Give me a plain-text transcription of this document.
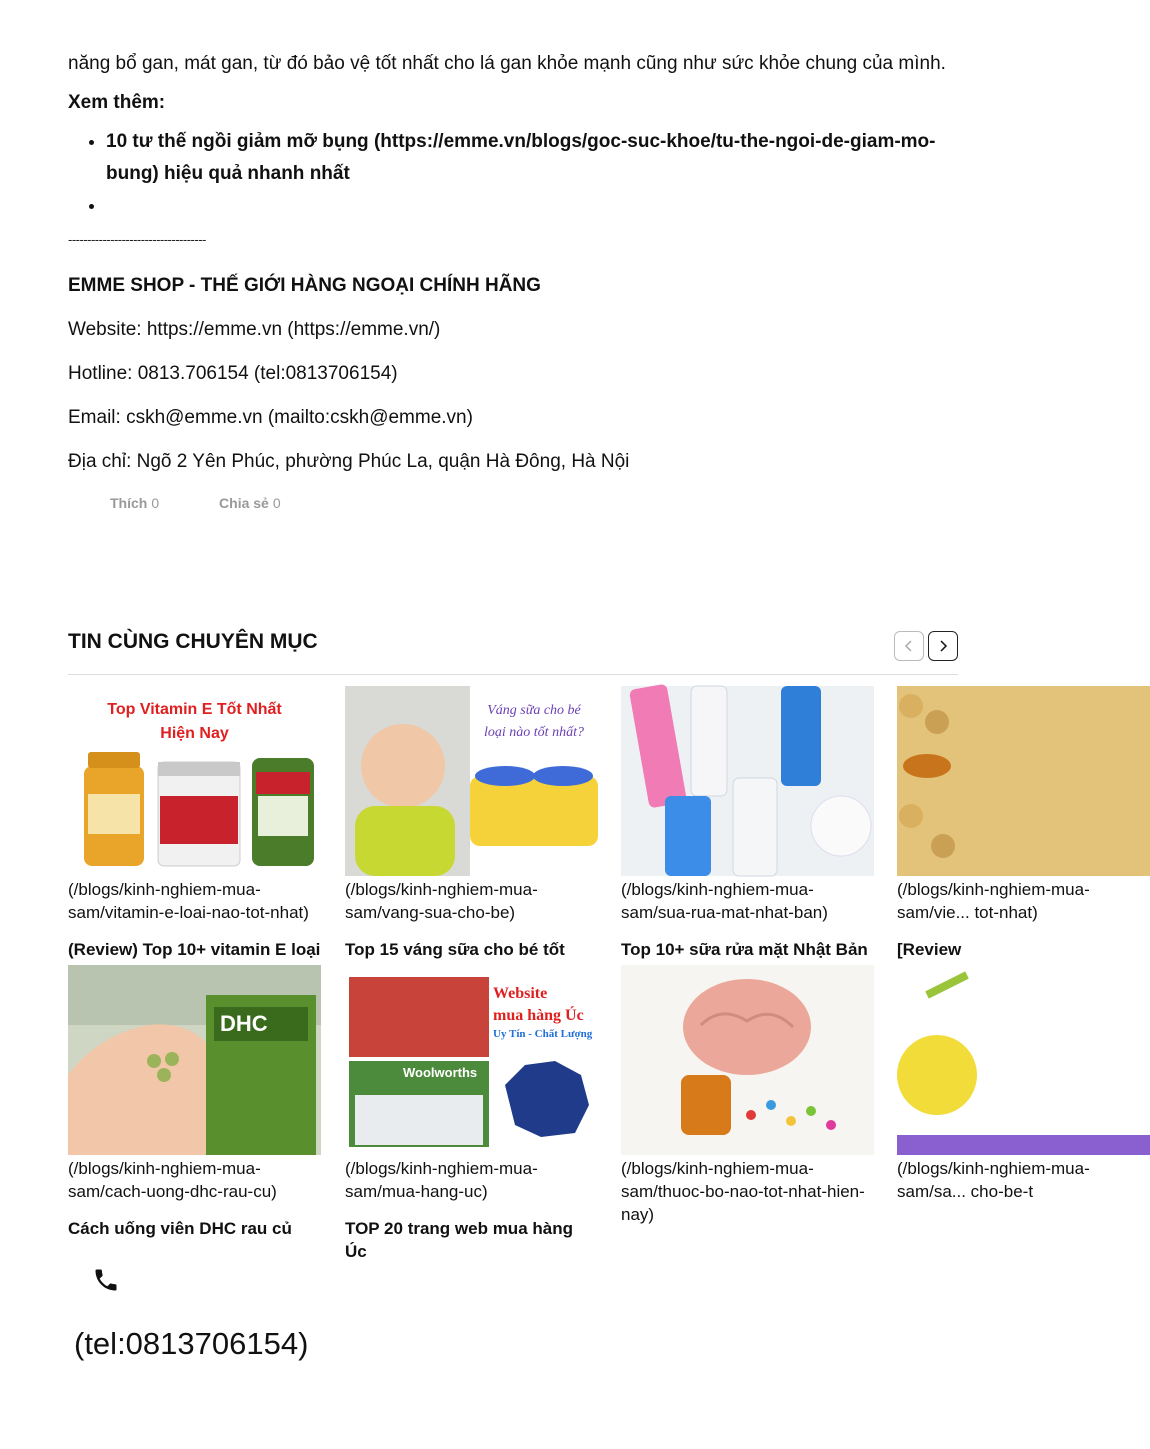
năng bổ gan, mát gan, từ đó bảo vệ tốt nhất cho lá gan khỏe mạnh cũng như sức khỏe chung của mình.

Xem thêm:
• 10 tư thế ngồi giảm mỡ bụng (https://emme.vn/blogs/goc-suc-khoe/tu-the-ngoi-de-giam-mo-bung) hiệu quả nhanh nhất
•
------------------------------------
EMME SHOP - THẾ GIỚI HÀNG NGOẠI CHÍNH HÃNG
Website: https://emme.vn (https://emme.vn/)
Hotline: 0813.706154 (tel:0813706154)
Email: cskh@emme.vn (mailto:cskh@emme.vn)
Địa chỉ: Ngõ 2 Yên Phúc, phường Phúc La, quận Hà Đông, Hà Nội
Thích 0	Chia sẻ 0
TIN CÙNG CHUYÊN MỤC
Top Vitamin E Tốt Nhất
Hiện Nay
(/blogs/kinh-nghiem-mua-sam/vitamin-e-loai-nao-tot-nhat)
(Review) Top 10+ vitamin E loại
Váng sữa cho bé
loại nào tốt nhất?
(/blogs/kinh-nghiem-mua-sam/vang-sua-cho-be)
Top 15 váng sữa cho bé tốt
(/blogs/kinh-nghiem-mua-sam/sua-rua-mat-nhat-ban)
Top 10+ sữa rửa mặt Nhật Bản
(/blogs/kinh-nghiem-mua-sam/vie... tot-nhat)
[Review
DHC
(/blogs/kinh-nghiem-mua-sam/cach-uong-dhc-rau-cu)
Cách uống viên DHC rau củ
Website
mua hàng Úc
Uy Tín - Chất Lượng
Woolworths
(/blogs/kinh-nghiem-mua-sam/mua-hang-uc)
TOP 20 trang web mua hàng Úc
(/blogs/kinh-nghiem-mua-sam/thuoc-bo-nao-tot-nhat-hien-nay)
(/blogs/kinh-nghiem-mua-sam/sa... cho-be-t
(tel:0813706154)
